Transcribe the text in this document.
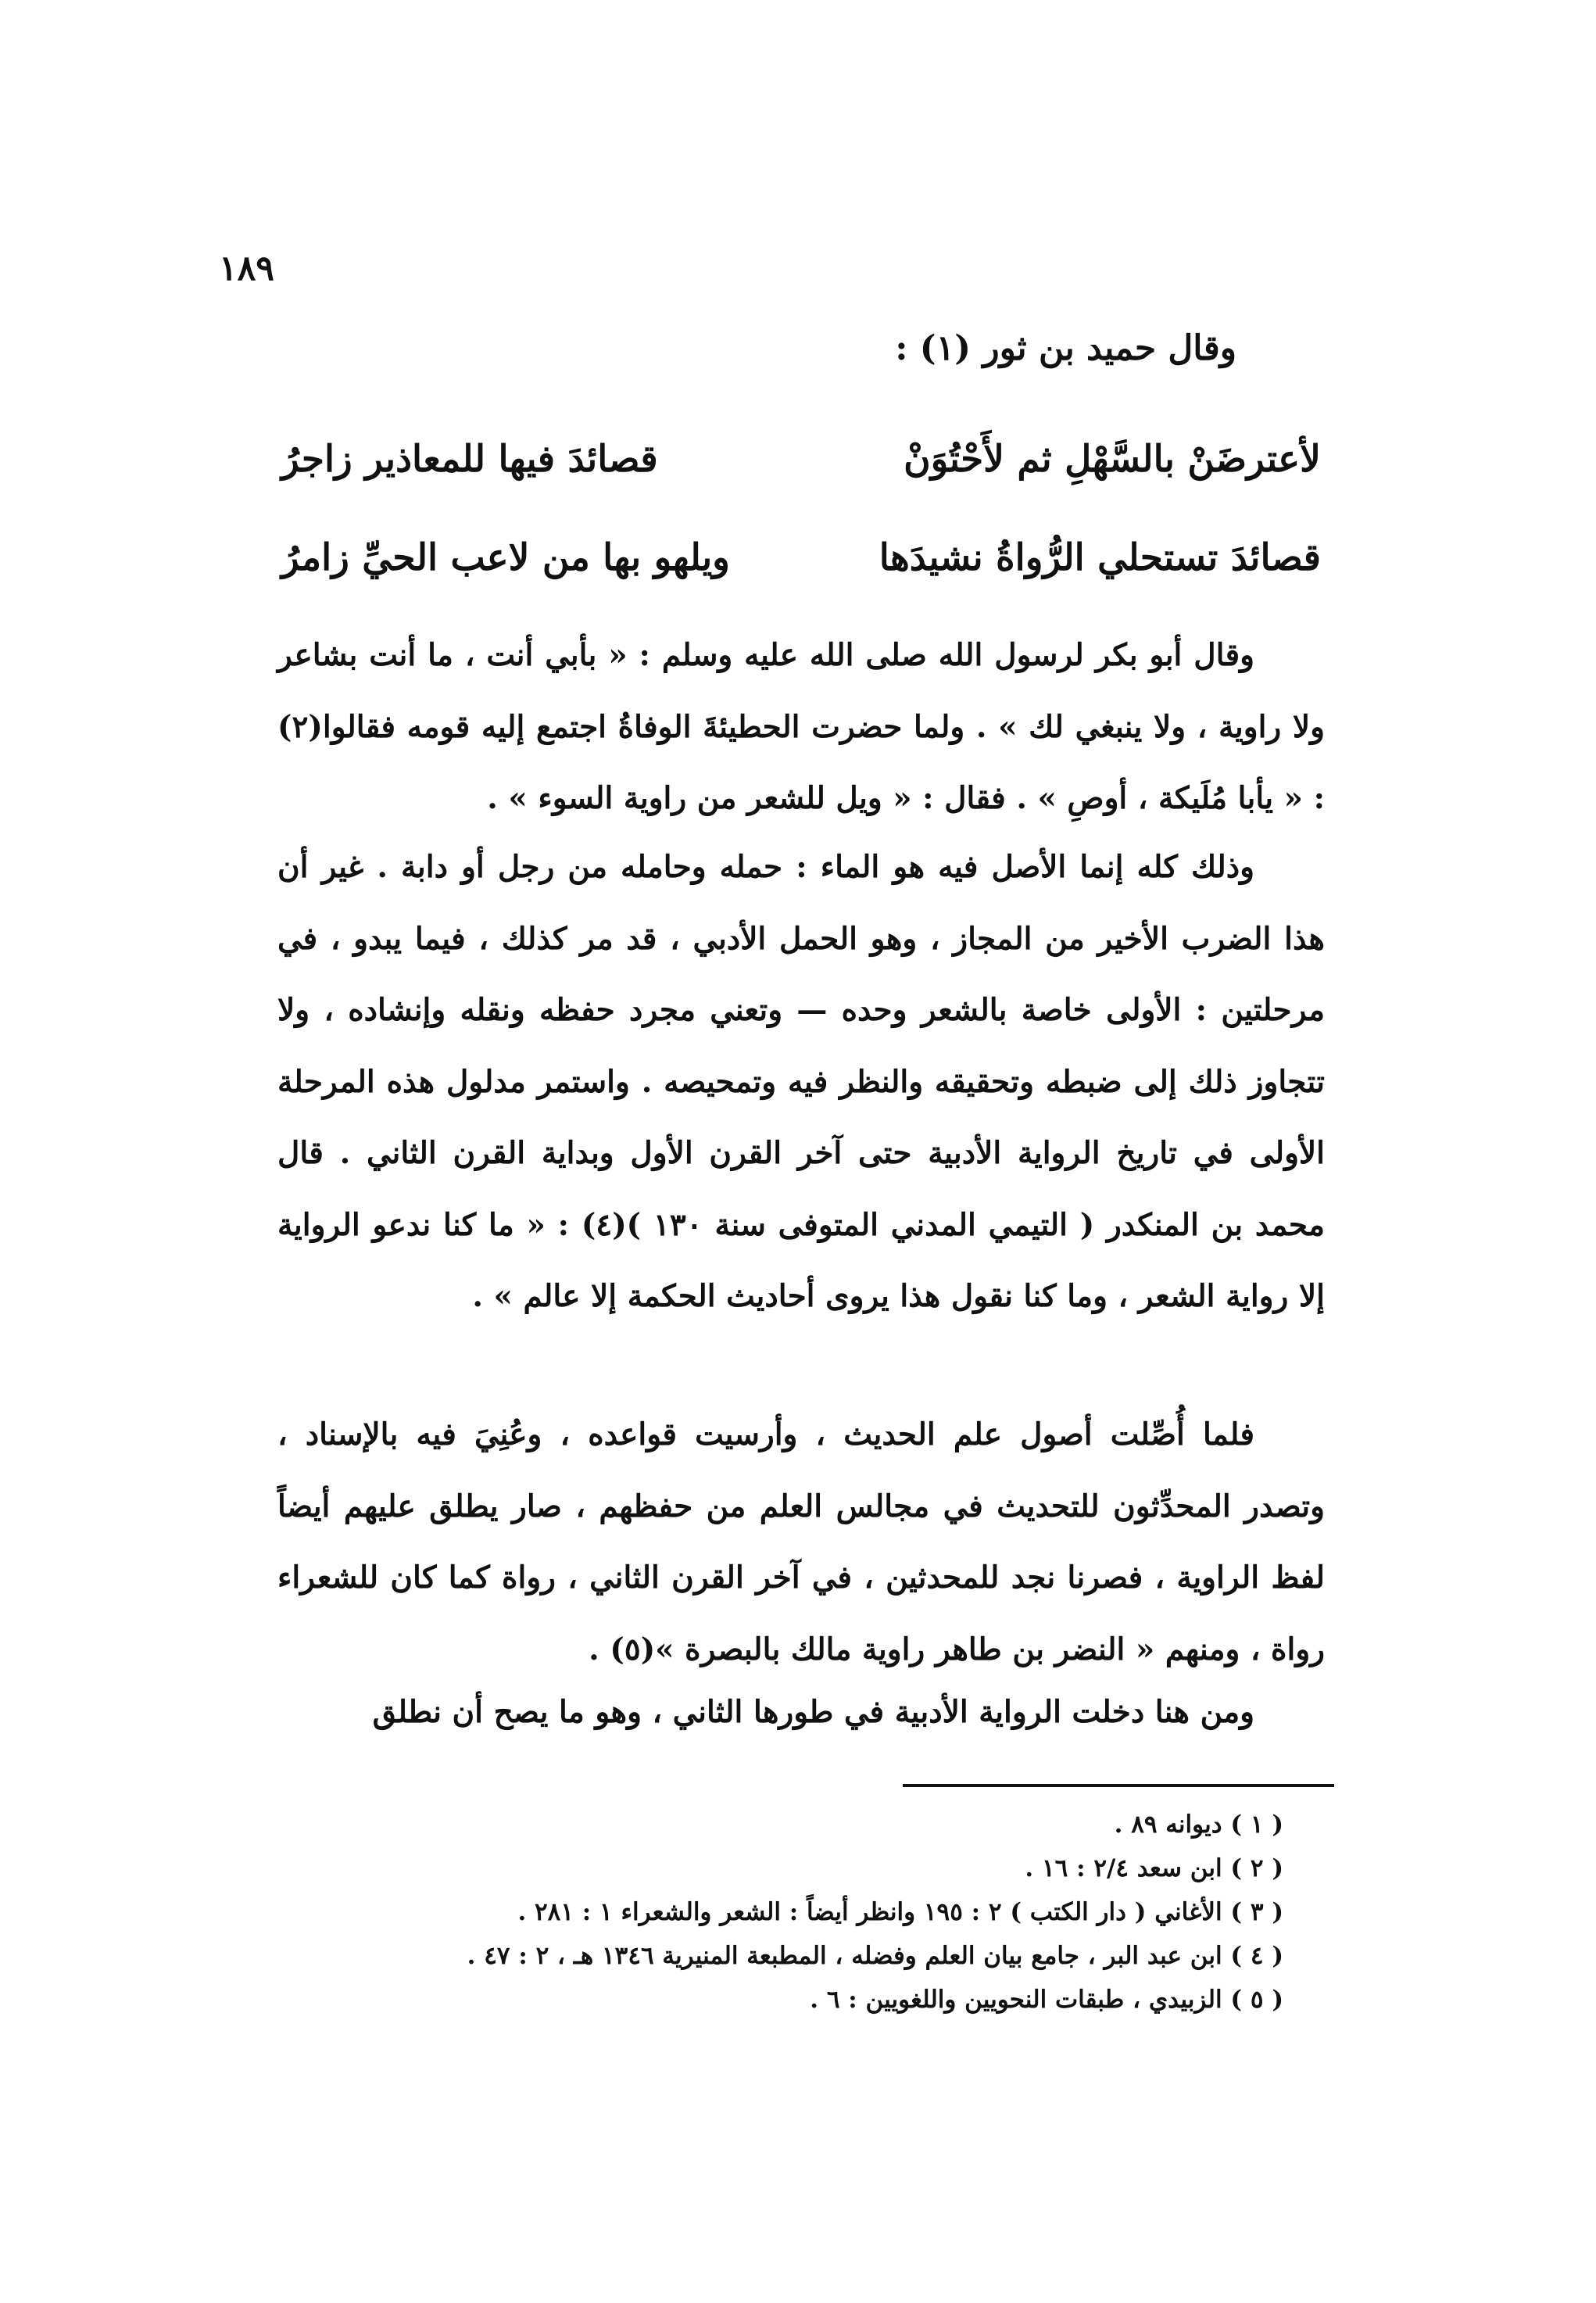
١٨٩
وقال حميد بن ثور (١) :
لأعترضَنْ بالسَّهْلِ ثم لأَحْتُوَنْ
قصائدَ فيها للمعاذير زاجرُ
قصائدَ تستحلي الرُّواةُ نشيدَها
ويلهو بها من لاعب الحيِّ زامرُ

وقال أبو بكر لرسول الله صلى الله عليه وسلم : « بأبي أنت ، ما أنت بشاعر ولا راوية ، ولا ينبغي لك » . ولما حضرت الحطيئةَ الوفاةُ اجتمع إليه قومه فقالوا(٢) : « يأبا مُلَيكة ، أوصِ » . فقال : « ويل للشعر من راوية السوء » .

وذلك كله إنما الأصل فيه هو الماء : حمله وحامله من رجل أو دابة . غير أن هذا الضرب الأخير من المجاز ، وهو الحمل الأدبي ، قد مر كذلك ، فيما يبدو ، في مرحلتين : الأولى خاصة بالشعر وحده — وتعني مجرد حفظه ونقله وإنشاده ، ولا تتجاوز ذلك إلى ضبطه وتحقيقه والنظر فيه وتمحيصه . واستمر مدلول هذه المرحلة الأولى في تاريخ الرواية الأدبية حتى آخر القرن الأول وبداية القرن الثاني . قال محمد بن المنكدر ( التيمي المدني المتوفى سنة ١٣٠ )(٤) : « ما كنا ندعو الرواية إلا رواية الشعر ، وما كنا نقول هذا يروى أحاديث الحكمة إلا عالم » .

فلما أُصِّلت أصول علم الحديث ، وأرسيت قواعده ، وعُنِيَ فيه بالإسناد ، وتصدر المحدِّثون للتحديث في مجالس العلم من حفظهم ، صار يطلق عليهم أيضاً لفظ الراوية ، فصرنا نجد للمحدثين ، في آخر القرن الثاني ، رواة كما كان للشعراء رواة ، ومنهم « النضر بن طاهر راوية مالك بالبصرة »(٥) .

ومن هنا دخلت الرواية الأدبية في طورها الثاني ، وهو ما يصح أن نطلق

( ١ ) ديوانه ٨٩ .
( ٢ ) ابن سعد ٢/٤ : ١٦ .
( ٣ ) الأغاني ( دار الكتب ) ٢ : ١٩٥ وانظر أيضاً : الشعر والشعراء ١ : ٢٨١ .
( ٤ ) ابن عبد البر ، جامع بيان العلم وفضله ، المطبعة المنيرية ١٣٤٦ هـ ، ٢ : ٤٧ .
( ٥ ) الزبيدي ، طبقات النحويين واللغويين : ٦ .
